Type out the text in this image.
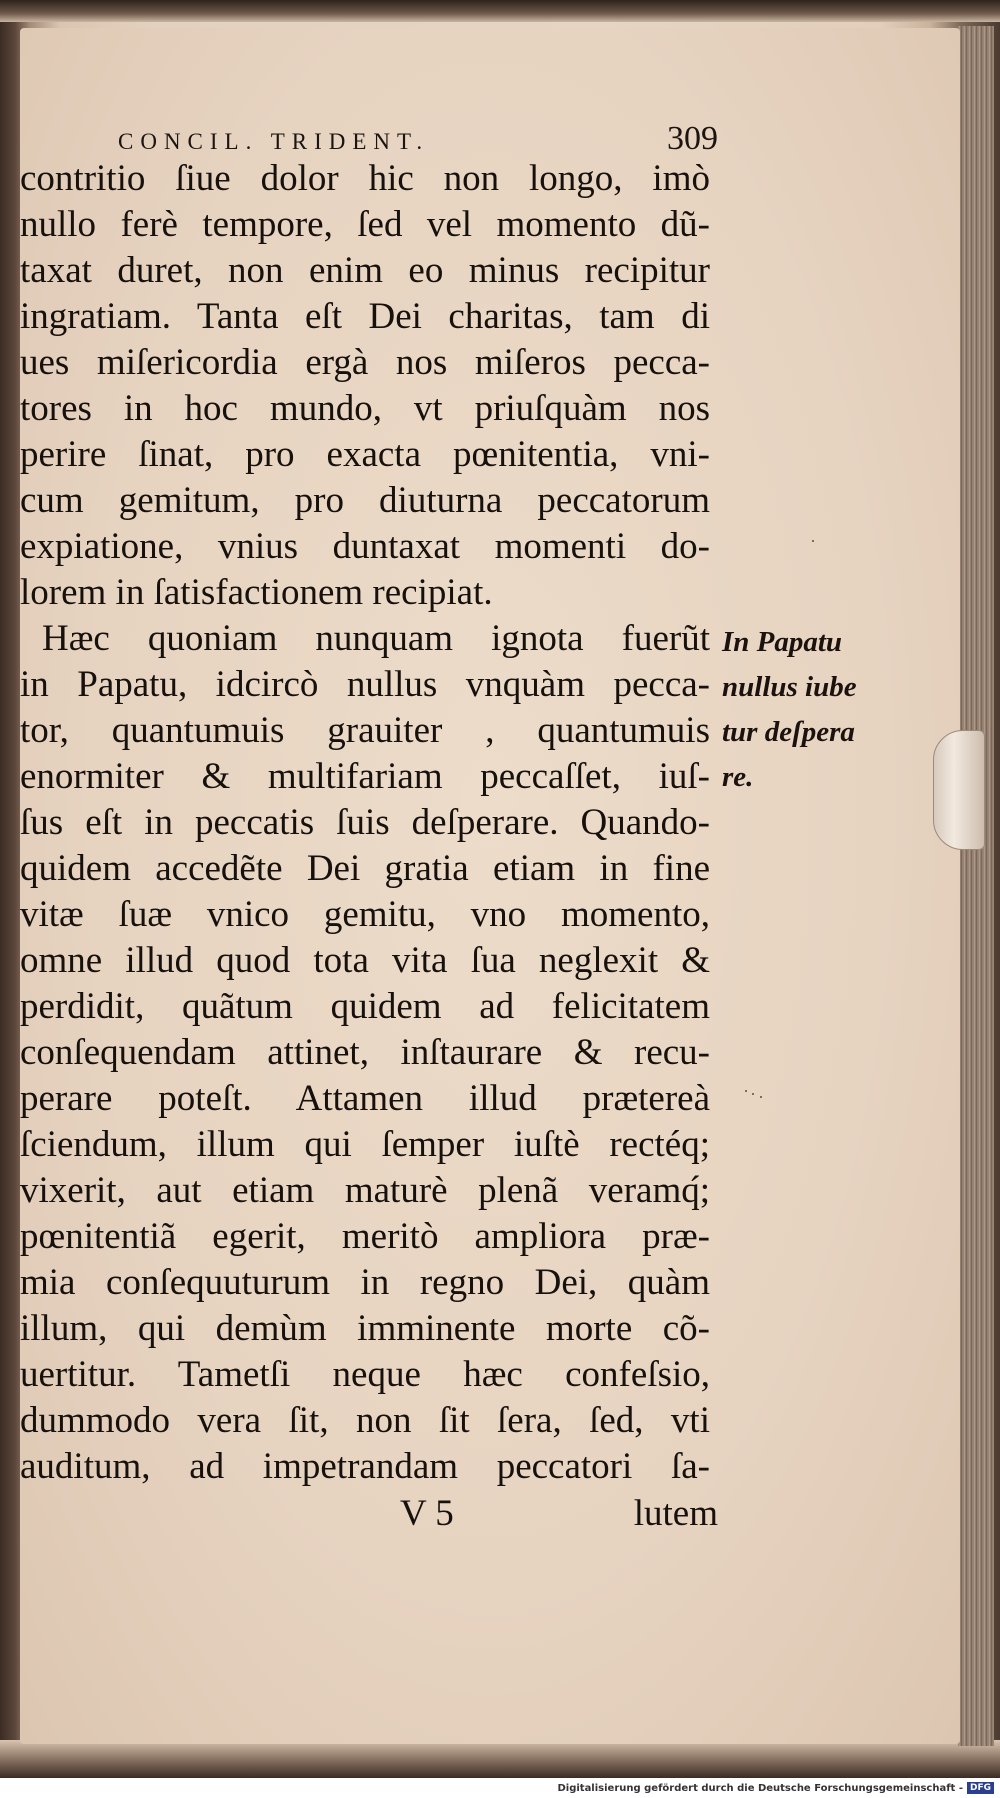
CONCIL. TRIDENT.	309
contritio ſiue dolor hic non longo, imò
nullo ferè tempore, ſed vel momento dũ-
taxat duret, non enim eo minus recipitur
ingratiam. Tanta eſt Dei charitas, tam di
ues miſericordia ergà nos miſeros pecca-
tores in hoc mundo, vt priuſquàm nos
perire ſinat, pro exacta pœnitentia, vni-
cum gemitum, pro diuturna peccatorum
expiatione, vnius duntaxat momenti do-
lorem in ſatisfactionem recipiat.
Hæc quoniam nunquam ignota fuerũt
in Papatu, idcircò nullus vnquàm pecca-
tor, quantumuis grauiter , quantumuis
enormiter & multifariam peccaſſet, iuſ-
ſus eſt in peccatis ſuis deſperare. Quando-
quidem accedẽte Dei gratia etiam in fine
vitæ ſuæ vnico gemitu, vno momento,
omne illud quod tota vita ſua neglexit &
perdidit, quãtum quidem ad felicitatem
conſequendam attinet, inſtaurare & recu-
perare poteſt. Attamen illud prætereà
ſciendum, illum qui ſemper iuſtè rectéq;
vixerit, aut etiam maturè plenã veramq́;
pœnitentiã egerit, meritò ampliora præ-
mia conſequuturum in regno Dei, quàm
illum, qui demùm imminente morte cõ-
uertitur. Tametſi neque hæc confeſsio,
dummodo vera ſit, non ſit ſera, ſed, vti
auditum, ad impetrandam peccatori ſa-
V 5	lutem
In Papatu
nullus iube
tur deſpera
re.
Digitalisierung gefördert durch die Deutsche Forschungsgemeinschaft - DFG
